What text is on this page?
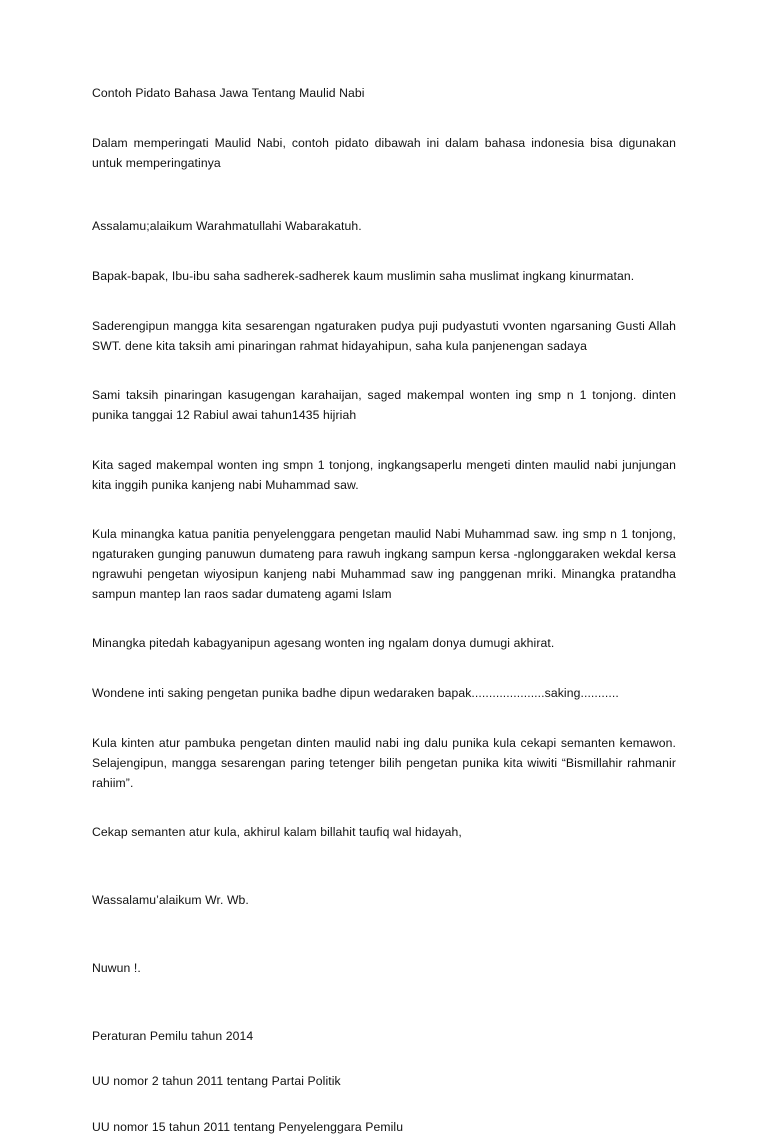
Contoh Pidato Bahasa Jawa Tentang Maulid Nabi

Dalam memperingati Maulid Nabi, contoh pidato dibawah ini dalam bahasa indonesia bisa digunakan untuk memperingatinya

Assalamu;alaikum Warahmatullahi Wabarakatuh.

Bapak-bapak, Ibu-ibu saha sadherek-sadherek kaum muslimin saha muslimat ingkang kinurmatan.

Saderengipun mangga kita sesarengan ngaturaken pudya puji pudyastuti vvonten ngarsaning Gusti Allah SWT. dene kita taksih ami pinaringan rahmat hidayahipun, saha kula panjenengan sadaya

Sami taksih pinaringan kasugengan karahaijan, saged makempal wonten ing smp n 1 tonjong. dinten punika tanggai 12 Rabiul awai tahun1435 hijriah

Kita saged makempal wonten ing smpn 1 tonjong, ingkangsaperlu mengeti dinten maulid nabi junjungan kita inggih punika kanjeng nabi Muhammad saw.

Kula minangka katua panitia penyelenggara pengetan maulid Nabi Muhammad saw. ing smp n 1 tonjong, ngaturaken gunging panuwun dumateng para rawuh ingkang sampun kersa -nglonggaraken wekdal kersa ngrawuhi pengetan wiyosipun kanjeng nabi Muhammad saw ing panggenan mriki. Minangka pratandha sampun mantep lan raos sadar dumateng agami Islam

Minangka pitedah kabagyanipun agesang wonten ing ngalam donya dumugi akhirat.

Wondene inti saking pengetan punika badhe dipun wedaraken bapak.....................saking...........

Kula kinten atur pambuka pengetan dinten maulid nabi ing dalu punika kula cekapi semanten kemawon. Selajengipun, mangga sesarengan paring tetenger bilih pengetan punika kita wiwiti “Bismillahir rahmanir rahiim”.

Cekap semanten atur kula, akhirul kalam billahit taufiq wal hidayah,

Wassalamu’alaikum Wr. Wb.

Nuwun !.

Peraturan Pemilu tahun 2014

UU nomor 2 tahun 2011 tentang Partai Politik

UU nomor 15 tahun 2011 tentang Penyelenggara Pemilu
